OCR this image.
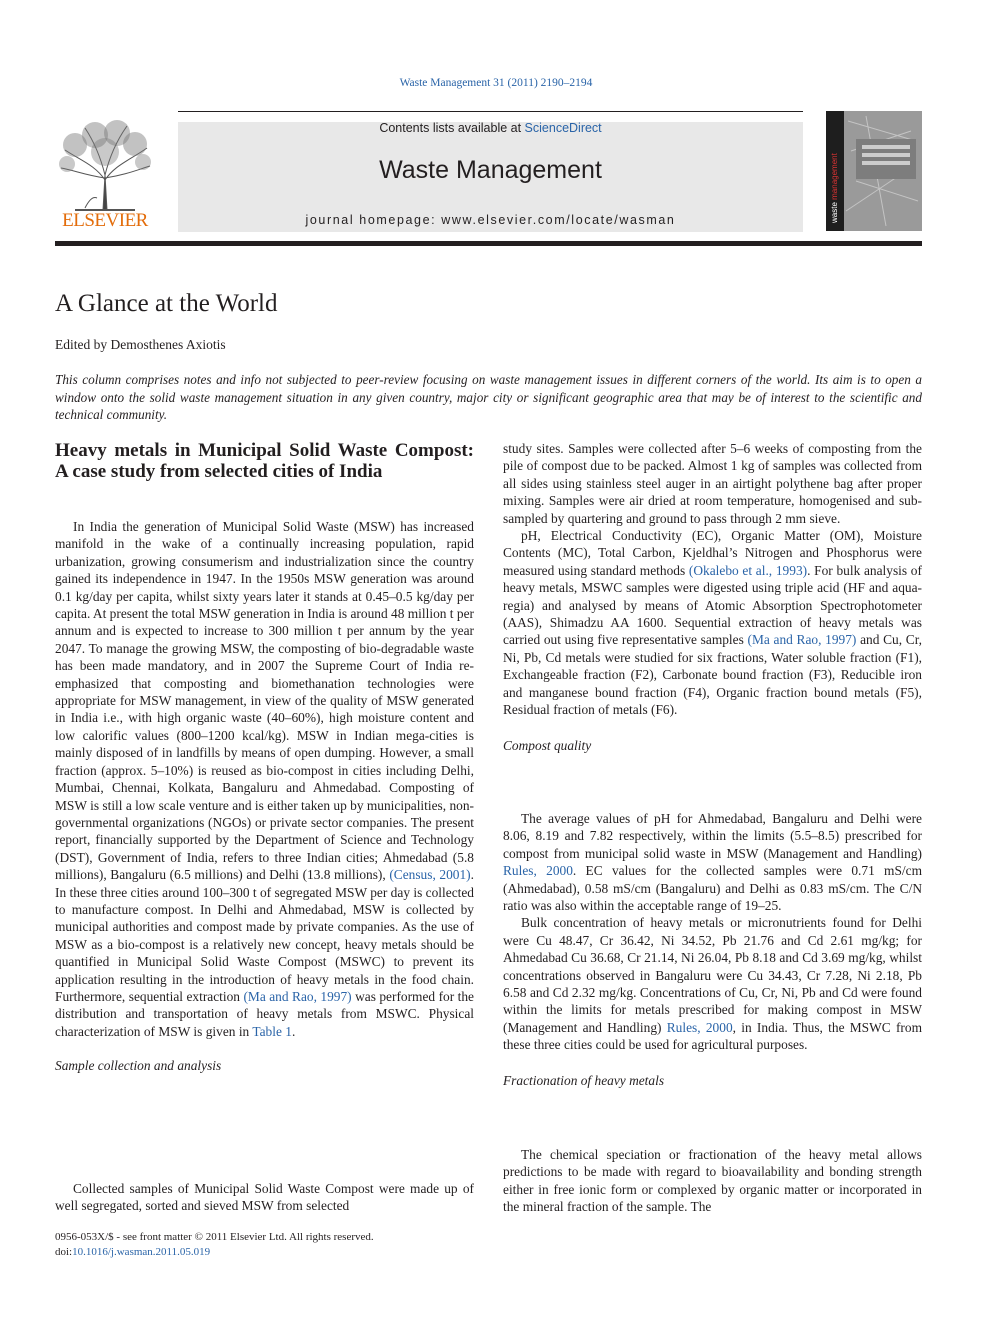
Waste Management 31 (2011) 2190–2194
ELSEVIER
Contents lists available at ScienceDirect
Waste Management
journal homepage: www.elsevier.com/locate/wasman	waste management
A Glance at the World
Edited by Demosthenes Axiotis
This column comprises notes and info not subjected to peer-review focusing on waste management issues in different corners of the world. Its aim is to open a window onto the solid waste management situation in any given country, major city or significant geographic area that may be of interest to the scientific and technical community.
Heavy metals in Municipal Solid Waste Compost: A case study from selected cities of India

In India the generation of Municipal Solid Waste (MSW) has increased manifold in the wake of a continually increasing population, rapid urbanization, growing consumerism and industrialization since the country gained its independence in 1947. In the 1950s MSW generation was around 0.1 kg/day per capita, whilst sixty years later it stands at 0.45–0.5 kg/day per capita. At present the total MSW generation in India is around 48 million t per annum and is expected to increase to 300 million t per annum by the year 2047. To manage the growing MSW, the composting of bio-degradable waste has been made mandatory, and in 2007 the Supreme Court of India re-emphasized that composting and biomethanation technologies were appropriate for MSW management, in view of the quality of MSW generated in India i.e., with high organic waste (40–60%), high moisture content and low calorific values (800–1200 kcal/kg). MSW in Indian mega-cities is mainly disposed of in landfills by means of open dumping. However, a small fraction (approx. 5–10%) is reused as bio-compost in cities including Delhi, Mumbai, Chennai, Kolkata, Bangaluru and Ahmedabad. Composting of MSW is still a low scale venture and is either taken up by municipalities, non-governmental organizations (NGOs) or private sector companies. The present report, financially supported by the Department of Science and Technology (DST), Government of India, refers to three Indian cities; Ahmedabad (5.8 millions), Bangaluru (6.5 millions) and Delhi (13.8 millions), (Census, 2001). In these three cities around 100–300 t of segregated MSW per day is collected to manufacture compost. In Delhi and Ahmedabad, MSW is collected by municipal authorities and compost made by private companies. As the use of MSW as a bio-compost is a relatively new concept, heavy metals should be quantified in Municipal Solid Waste Compost (MSWC) to prevent its application resulting in the introduction of heavy metals in the food chain. Furthermore, sequential extraction (Ma and Rao, 1997) was performed for the distribution and transportation of heavy metals from MSWC. Physical characterization of MSW is given in Table 1.

Sample collection and analysis

Collected samples of Municipal Solid Waste Compost were made up of well segregated, sorted and sieved MSW from selected

study sites. Samples were collected after 5–6 weeks of composting from the pile of compost due to be packed. Almost 1 kg of samples was collected from all sides using stainless steel auger in an airtight polythene bag after proper mixing. Samples were air dried at room temperature, homogenised and sub-sampled by quartering and ground to pass through 2 mm sieve.

pH, Electrical Conductivity (EC), Organic Matter (OM), Moisture Contents (MC), Total Carbon, Kjeldhal’s Nitrogen and Phosphorus were measured using standard methods (Okalebo et al., 1993). For bulk analysis of heavy metals, MSWC samples were digested using triple acid (HF and aqua-regia) and analysed by means of Atomic Absorption Spectrophotometer (AAS), Shimadzu AA 1600. Sequential extraction of heavy metals was carried out using five representative samples (Ma and Rao, 1997) and Cu, Cr, Ni, Pb, Cd metals were studied for six fractions, Water soluble fraction (F1), Exchangeable fraction (F2), Carbonate bound fraction (F3), Reducible iron and manganese bound fraction (F4), Organic fraction bound metals (F5), Residual fraction of metals (F6).

Compost quality

The average values of pH for Ahmedabad, Bangaluru and Delhi were 8.06, 8.19 and 7.82 respectively, within the limits (5.5–8.5) prescribed for compost from municipal solid waste in MSW (Management and Handling) Rules, 2000. EC values for the collected samples were 0.71 mS/cm (Ahmedabad), 0.58 mS/cm (Bangaluru) and Delhi as 0.83 mS/cm. The C/N ratio was also within the acceptable range of 19–25.

Bulk concentration of heavy metals or micronutrients found for Delhi were Cu 48.47, Cr 36.42, Ni 34.52, Pb 21.76 and Cd 2.61 mg/kg; for Ahmedabad Cu 36.68, Cr 21.14, Ni 26.04, Pb 8.18 and Cd 3.69 mg/kg, whilst concentrations observed in Bangaluru were Cu 34.43, Cr 7.28, Ni 2.18, Pb 6.58 and Cd 2.32 mg/kg. Concentrations of Cu, Cr, Ni, Pb and Cd were found within the limits for metals prescribed for making compost in MSW (Management and Handling) Rules, 2000, in India. Thus, the MSWC from these three cities could be used for agricultural purposes.

Fractionation of heavy metals

The chemical speciation or fractionation of the heavy metal allows predictions to be made with regard to bioavailability and bonding strength either in free ionic form or complexed by organic matter or incorporated in the mineral fraction of the sample. The

0956-053X/$ - see front matter © 2011 Elsevier Ltd. All rights reserved.
doi:10.1016/j.wasman.2011.05.019
